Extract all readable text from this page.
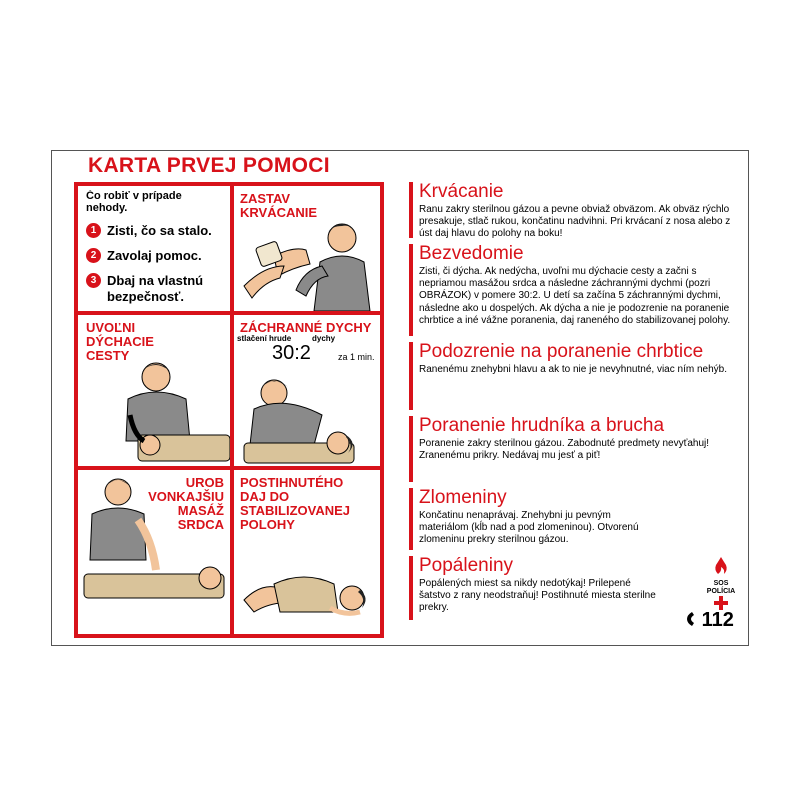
KARTA PRVEJ POMOCI
Čo robiť v prípade nehody.
1 Zisti, čo sa stalo.
2 Zavolaj pomoc.
3 Dbaj na vlastnú bezpečnosť.
ZASTAV KRVÁCANIE
UVOĽNI DÝCHACIE CESTY
ZÁCHRANNÉ DYCHY
stlačení hrude	dychy
30:2	za 1 min.
UROB VONKAJŠIU MASÁŽ SRDCA
POSTIHNUTÉHO DAJ DO STABILIZOVANEJ POLOHY
Krvácanie
Ranu zakry sterilnou gázou a pevne obviaž obväzom. Ak obväz rýchlo presakuje, stlač rukou, končatinu nadvihni. Pri krvácaní z nosa alebo z úst daj hlavu do polohy na boku!
Bezvedomie
Zisti, či dýcha. Ak nedýcha, uvoľni mu dýchacie cesty a začni s nepriamou masážou srdca a následne záchrannými dychmi (pozri OBRÁZOK) v pomere 30:2. U detí sa začína 5 záchrannými dychmi, následne ako u dospelých. Ak dýcha a nie je podozrenie na poranenie chrbtice a iné vážne poranenia, daj raneného do stabilizovanej polohy.
Podozrenie na poranenie chrbtice
Ranenému znehybni hlavu a ak to nie je nevyhnutné, viac ním nehýb.
Poranenie hrudníka a brucha
Poranenie zakry sterilnou gázou. Zabodnuté predmety nevyťahuj! Zranenému prikry. Nedávaj mu jesť a piť!
Zlomeniny
Končatinu nenaprávaj. Znehybni ju pevným materiálom (kĺb nad a pod zlomeninou). Otvorenú zlomeninu prekry sterilnou gázou.
Popáleniny
Popálených miest sa nikdy nedotýkaj! Prilepené šatstvo z rany neodstraňuj! Postihnuté miesta sterilne prekry.
SOS
POLÍCIA
112
